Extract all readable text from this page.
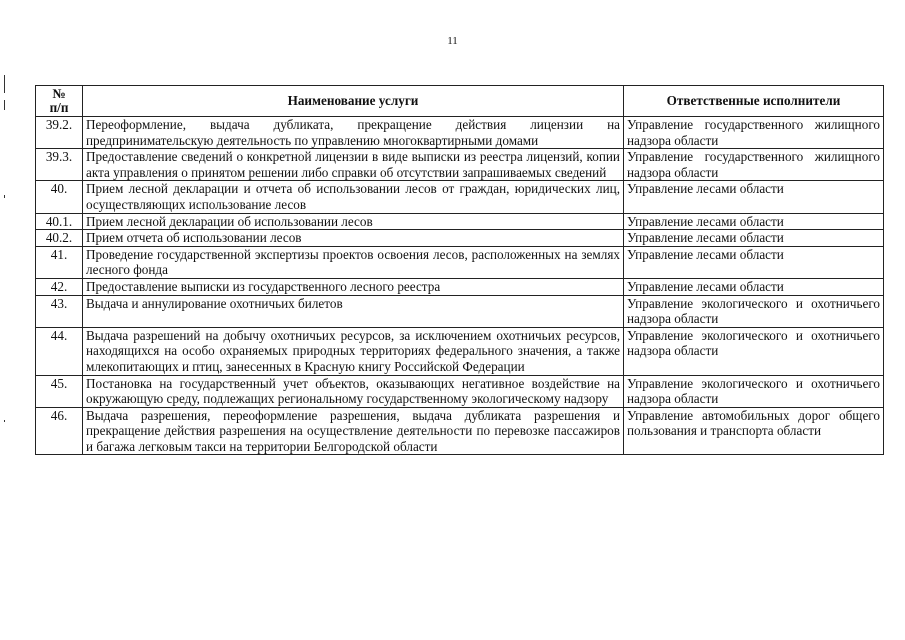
11
№
п/п	Наименование услуги	Ответственные исполнители
39.2.	Переоформление, выдача дубликата, прекращение действия лицензии на предпринимательскую деятельность по управлению многоквартирными домами	Управление государственного жилищного надзора области
39.3.	Предоставление сведений о конкретной лицензии в виде выписки из реестра лицензий, копии акта управления о принятом решении либо справки об отсутствии запрашиваемых сведений	Управление государственного жилищного надзора области
40.	Прием лесной декларации и отчета об использовании лесов от граждан, юридических лиц, осуществляющих использование лесов	Управление лесами области
40.1.	Прием лесной декларации об использовании лесов	Управление лесами области
40.2.	Прием отчета об использовании лесов	Управление лесами области
41.	Проведение государственной экспертизы проектов освоения лесов, расположенных на землях лесного фонда	Управление лесами области
42.	Предоставление выписки из государственного лесного реестра	Управление лесами области
43.	Выдача и аннулирование охотничьих билетов	Управление экологического и охотничьего надзора области
44.	Выдача разрешений на добычу охотничьих ресурсов, за исключением охотничьих ресурсов, находящихся на особо охраняемых природных территориях федерального значения, а также млекопитающих и птиц, занесенных в Красную книгу Российской Федерации	Управление экологического и охотничьего надзора области
45.	Постановка на государственный учет объектов, оказывающих негативное воздействие на окружающую среду, подлежащих региональному государственному экологическому надзору	Управление экологического и охотничьего надзора области
46.	Выдача разрешения, переоформление разрешения, выдача дубликата разрешения и прекращение действия разрешения на осуществление деятельности по перевозке пассажиров и багажа легковым такси на территории Белгородской области	Управление автомобильных дорог общего пользования и транспорта области
